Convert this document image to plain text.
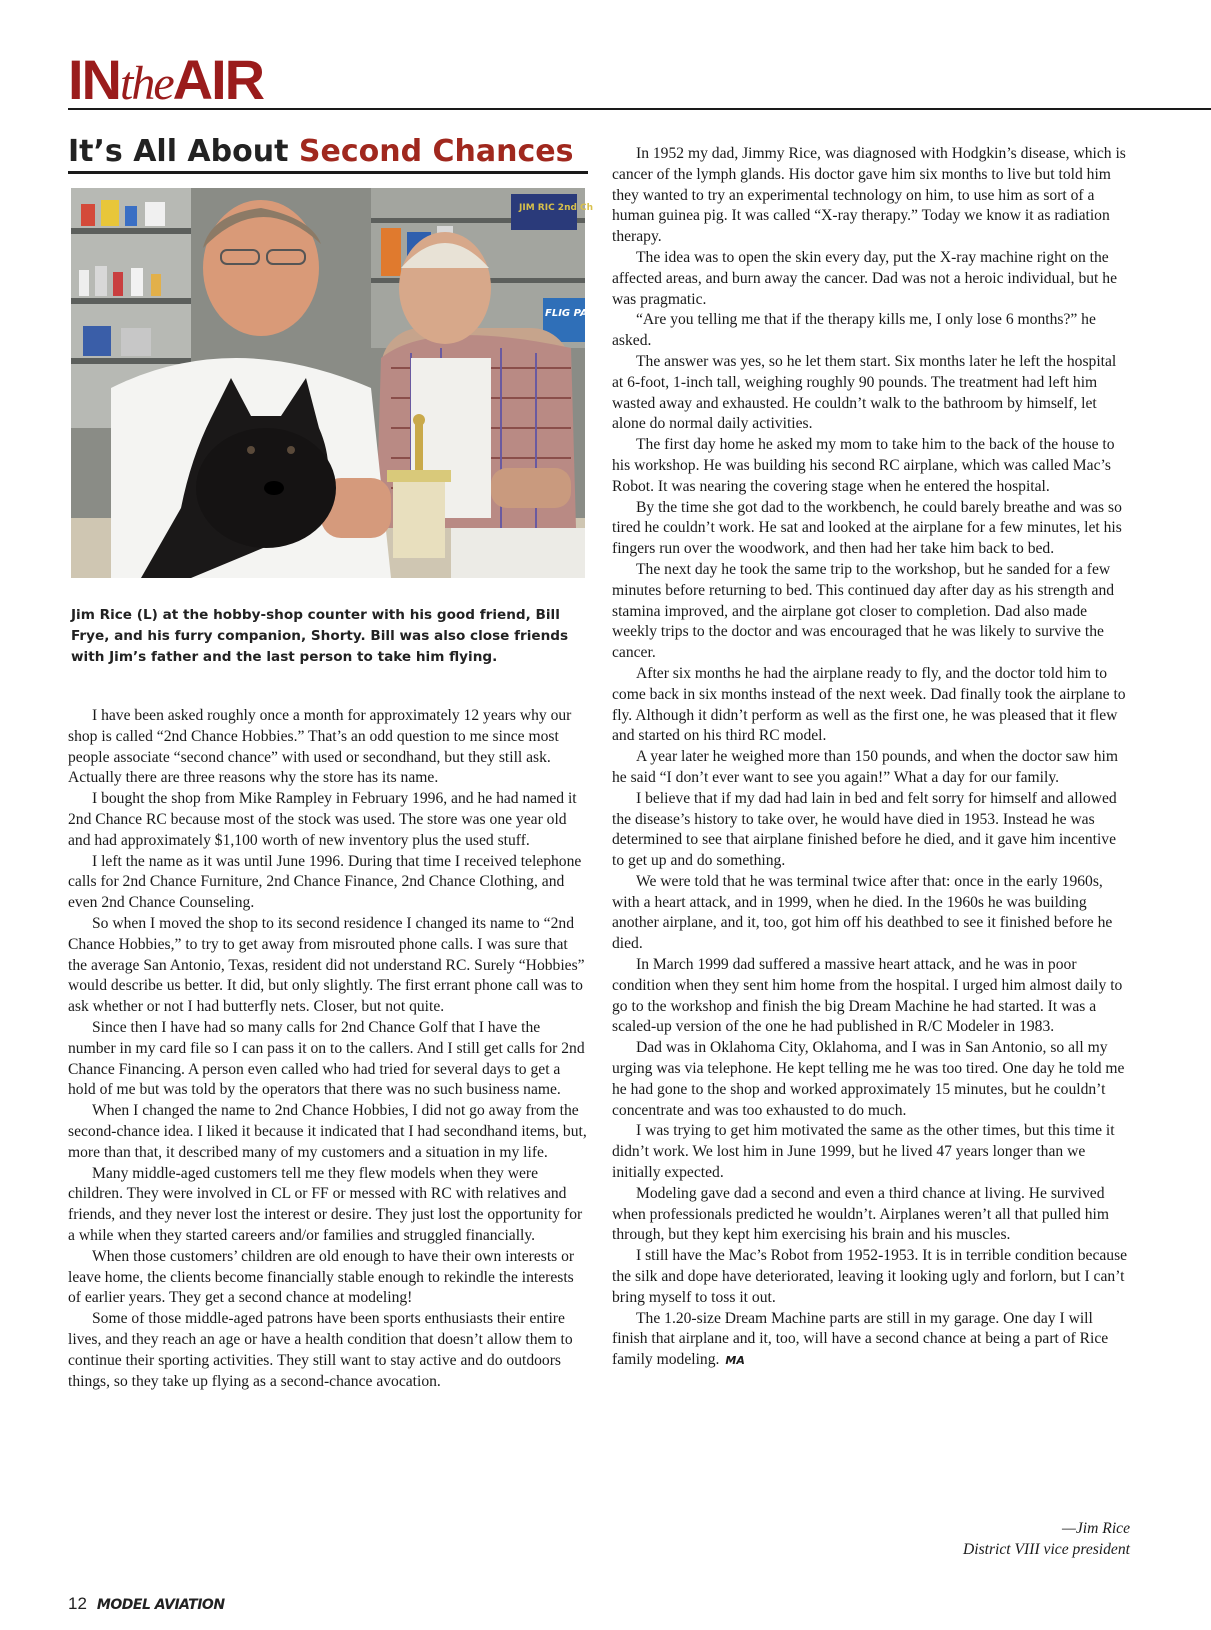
INtheAIR
It’s All About Second Chances
JIM RIC 2nd Ch
FLIG PAC
Jim Rice (L) at the hobby-shop counter with his good friend, Bill Frye, and his furry companion, Shorty. Bill was also close friends with Jim’s father and the last person to take him flying.

I have been asked roughly once a month for approximately 12 years why our shop is called “2nd Chance Hobbies.” That’s an odd question to me since most people associate “second chance” with used or secondhand, but they still ask. Actually there are three reasons why the store has its name.

I bought the shop from Mike Rampley in February 1996, and he had named it 2nd Chance RC because most of the stock was used. The store was one year old and had approximately $1,100 worth of new inventory plus the used stuff.

I left the name as it was until June 1996. During that time I received telephone calls for 2nd Chance Furniture, 2nd Chance Finance, 2nd Chance Clothing, and even 2nd Chance Counseling.

So when I moved the shop to its second residence I changed its name to “2nd Chance Hobbies,” to try to get away from misrouted phone calls. I was sure that the average San Antonio, Texas, resident did not understand RC. Surely “Hobbies” would describe us better. It did, but only slightly. The first errant phone call was to ask whether or not I had butterfly nets. Closer, but not quite.

Since then I have had so many calls for 2nd Chance Golf that I have the number in my card file so I can pass it on to the callers. And I still get calls for 2nd Chance Financing. A person even called who had tried for several days to get a hold of me but was told by the operators that there was no such business name.

When I changed the name to 2nd Chance Hobbies, I did not go away from the second-chance idea. I liked it because it indicated that I had secondhand items, but, more than that, it described many of my customers and a situation in my life.

Many middle-aged customers tell me they flew models when they were children. They were involved in CL or FF or messed with RC with relatives and friends, and they never lost the interest or desire. They just lost the opportunity for a while when they started careers and/or families and struggled financially.

When those customers’ children are old enough to have their own interests or leave home, the clients become financially stable enough to rekindle the interests of earlier years. They get a second chance at modeling!

Some of those middle-aged patrons have been sports enthusiasts their entire lives, and they reach an age or have a health condition that doesn’t allow them to continue their sporting activities. They still want to stay active and do outdoors things, so they take up flying as a second-chance avocation.

In 1952 my dad, Jimmy Rice, was diagnosed with Hodgkin’s disease, which is cancer of the lymph glands. His doctor gave him six months to live but told him they wanted to try an experimental technology on him, to use him as sort of a human guinea pig. It was called “X-ray therapy.” Today we know it as radiation therapy.

The idea was to open the skin every day, put the X-ray machine right on the affected areas, and burn away the cancer. Dad was not a heroic individual, but he was pragmatic.

“Are you telling me that if the therapy kills me, I only lose 6 months?” he asked.

The answer was yes, so he let them start. Six months later he left the hospital at 6-foot, 1-inch tall, weighing roughly 90 pounds. The treatment had left him wasted away and exhausted. He couldn’t walk to the bathroom by himself, let alone do normal daily activities.

The first day home he asked my mom to take him to the back of the house to his workshop. He was building his second RC airplane, which was called Mac’s Robot. It was nearing the covering stage when he entered the hospital.

By the time she got dad to the workbench, he could barely breathe and was so tired he couldn’t work. He sat and looked at the airplane for a few minutes, let his fingers run over the woodwork, and then had her take him back to bed.

The next day he took the same trip to the workshop, but he sanded for a few minutes before returning to bed. This continued day after day as his strength and stamina improved, and the airplane got closer to completion. Dad also made weekly trips to the doctor and was encouraged that he was likely to survive the cancer.

After six months he had the airplane ready to fly, and the doctor told him to come back in six months instead of the next week. Dad finally took the airplane to fly. Although it didn’t perform as well as the first one, he was pleased that it flew and started on his third RC model.

A year later he weighed more than 150 pounds, and when the doctor saw him he said “I don’t ever want to see you again!” What a day for our family.

I believe that if my dad had lain in bed and felt sorry for himself and allowed the disease’s history to take over, he would have died in 1953. Instead he was determined to see that airplane finished before he died, and it gave him incentive to get up and do something.

We were told that he was terminal twice after that: once in the early 1960s, with a heart attack, and in 1999, when he died. In the 1960s he was building another airplane, and it, too, got him off his deathbed to see it finished before he died.

In March 1999 dad suffered a massive heart attack, and he was in poor condition when they sent him home from the hospital. I urged him almost daily to go to the workshop and finish the big Dream Machine he had started. It was a scaled-up version of the one he had published in R/C Modeler in 1983.

Dad was in Oklahoma City, Oklahoma, and I was in San Antonio, so all my urging was via telephone. He kept telling me he was too tired. One day he told me he had gone to the shop and worked approximately 15 minutes, but he couldn’t concentrate and was too exhausted to do much.

I was trying to get him motivated the same as the other times, but this time it didn’t work. We lost him in June 1999, but he lived 47 years longer than we initially expected.

Modeling gave dad a second and even a third chance at living. He survived when professionals predicted he wouldn’t. Airplanes weren’t all that pulled him through, but they kept him exercising his brain and his muscles.

I still have the Mac’s Robot from 1952-1953. It is in terrible condition because the silk and dope have deteriorated, leaving it looking ugly and forlorn, but I can’t bring myself to toss it out.

The 1.20-size Dream Machine parts are still in my garage. One day I will finish that airplane and it, too, will have a second chance at being a part of Rice family modeling. MA

—Jim Rice
District VIII vice president
12 MODEL AVIATION
